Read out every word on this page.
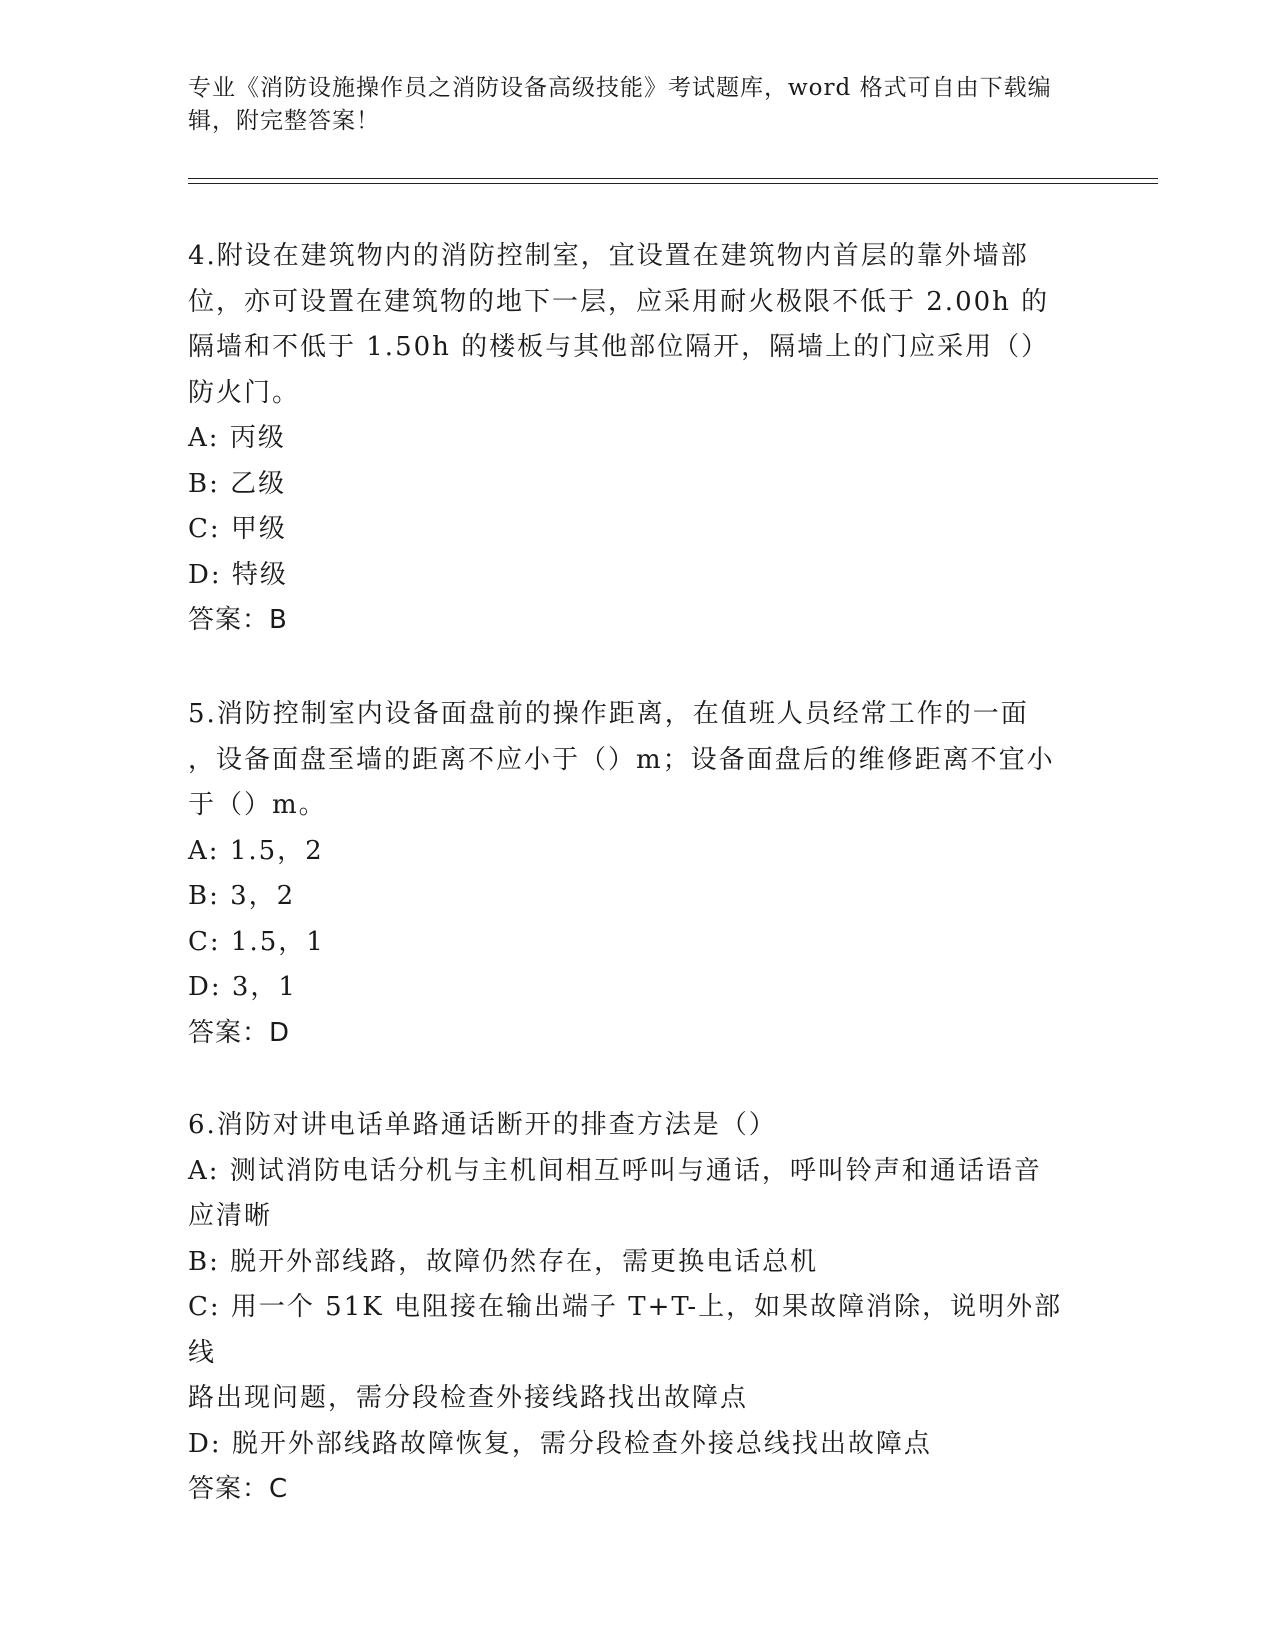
专业《消防设施操作员之消防设备高级技能》考试题库，word 格式可自由下载编
辑，附完整答案！
4.附设在建筑物内的消防控制室，宜设置在建筑物内首层的靠外墙部
位，亦可设置在建筑物的地下一层，应采用耐火极限不低于 2.00h 的
隔墙和不低于 1.50h 的楼板与其他部位隔开，隔墙上的门应采用（）
防火门。
A: 丙级
B: 乙级
C: 甲级
D: 特级
答案：B
5.消防控制室内设备面盘前的操作距离，在值班人员经常工作的一面
，设备面盘至墙的距离不应小于（）m；设备面盘后的维修距离不宜小
于（）m。
A: 1.5，2
B: 3，2
C: 1.5，1
D: 3，1
答案：D
6.消防对讲电话单路通话断开的排查方法是（）
A: 测试消防电话分机与主机间相互呼叫与通话，呼叫铃声和通话语音
应清晰
B: 脱开外部线路，故障仍然存在，需更换电话总机
C: 用一个 51K 电阻接在输出端子 T+T-上，如果故障消除，说明外部线
路出现问题，需分段检查外接线路找出故障点
D: 脱开外部线路故障恢复，需分段检查外接总线找出故障点
答案：C
